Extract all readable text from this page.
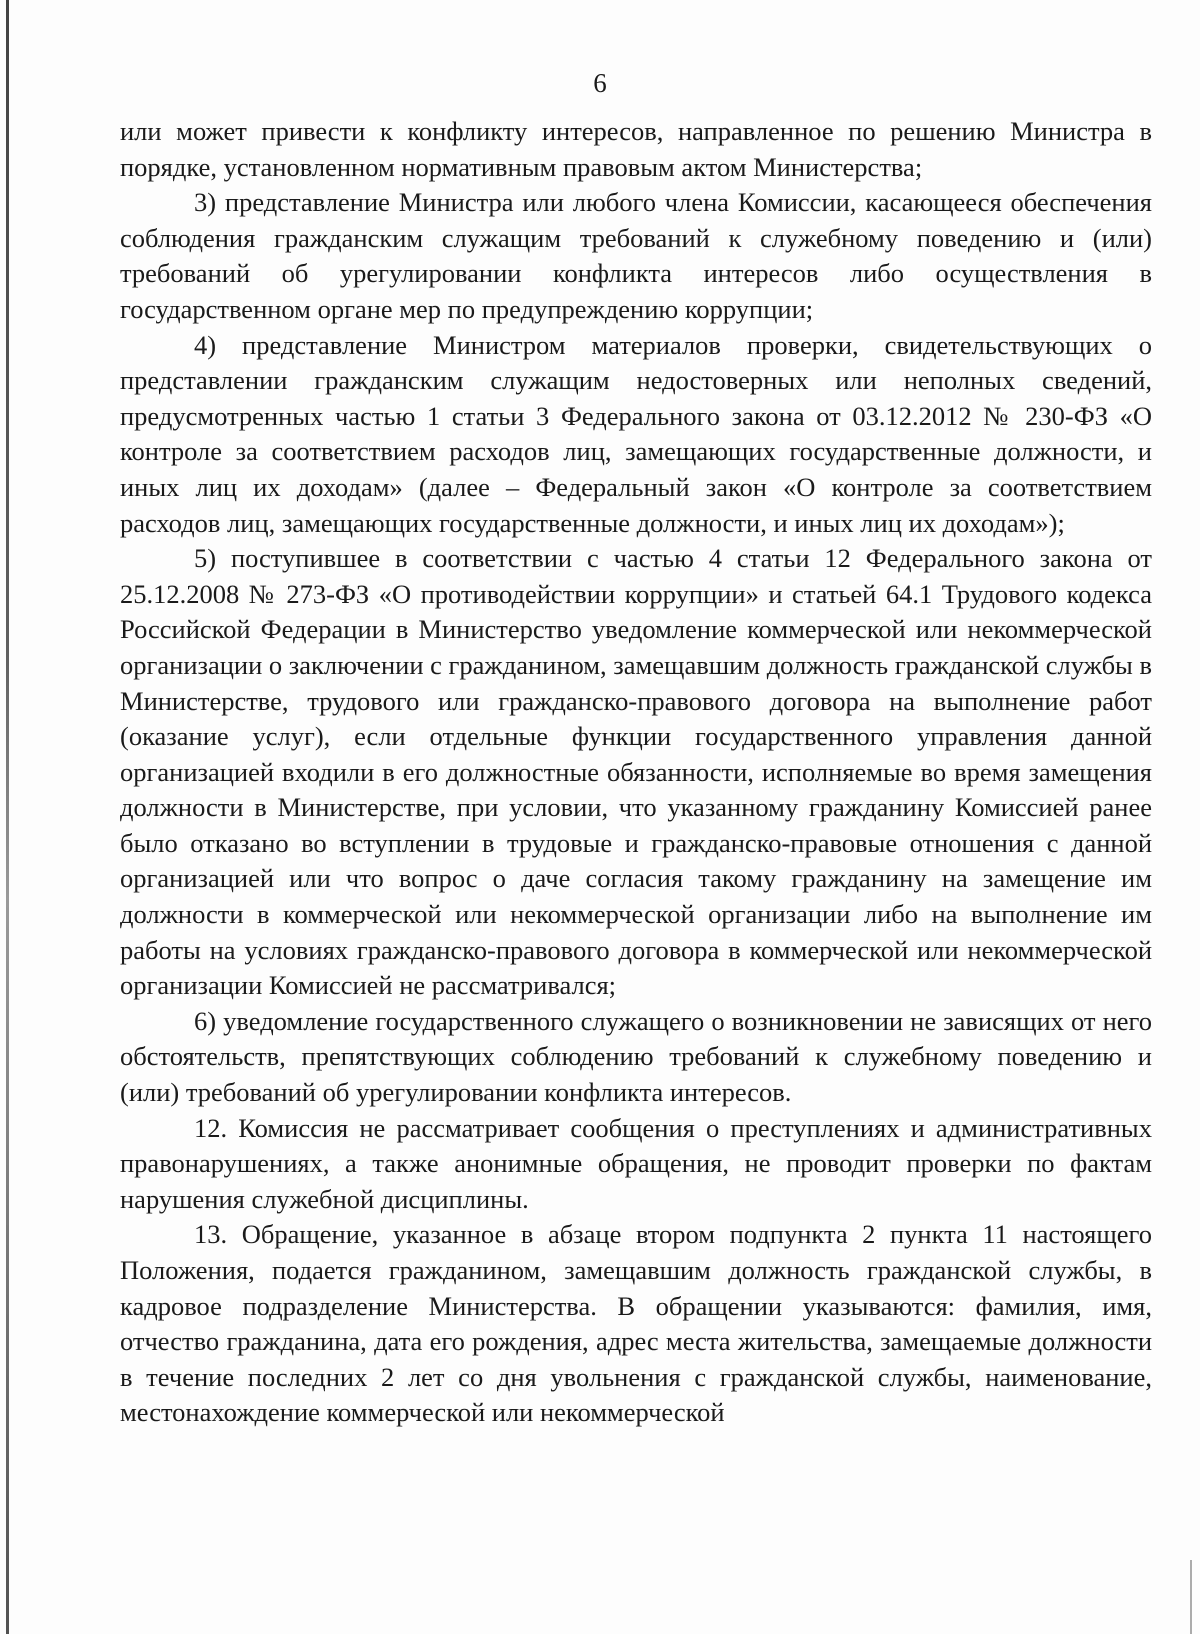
6

или может привести к конфликту интересов, направленное по решению Министра в порядке, установленном нормативным правовым актом Министерства;

3) представление Министра или любого члена Комиссии, касающееся обеспечения соблюдения гражданским служащим требований к служебному поведению и (или) требований об урегулировании конфликта интересов либо осуществления в государственном органе мер по предупреждению коррупции;

4) представление Министром материалов проверки, свидетельствующих о представлении гражданским служащим недостоверных или неполных сведений, предусмотренных частью 1 статьи 3 Федерального закона от 03.12.2012 № 230-ФЗ «О контроле за соответствием расходов лиц, замещающих государственные должности, и иных лиц их доходам» (далее – Федеральный закон «О контроле за соответствием расходов лиц, замещающих государственные должности, и иных лиц их доходам»);

5) поступившее в соответствии с частью 4 статьи 12 Федерального закона от 25.12.2008 № 273-ФЗ «О противодействии коррупции» и статьей 64.1 Трудового кодекса Российской Федерации в Министерство уведомление коммерческой или некоммерческой организации о заключении с гражданином, замещавшим должность гражданской службы в Министерстве, трудового или гражданско-правового договора на выполнение работ (оказание услуг), если отдельные функции государственного управления данной организацией входили в его должностные обязанности, исполняемые во время замещения должности в Министерстве, при условии, что указанному гражданину Комиссией ранее было отказано во вступлении в трудовые и гражданско-правовые отношения с данной организацией или что вопрос о даче согласия такому гражданину на замещение им должности в коммерческой или некоммерческой организации либо на выполнение им работы на условиях гражданско-правового договора в коммерческой или некоммерческой организации Комиссией не рассматривался;

6) уведомление государственного служащего о возникновении не зависящих от него обстоятельств, препятствующих соблюдению требований к служебному поведению и (или) требований об урегулировании конфликта интересов.

12. Комиссия не рассматривает сообщения о преступлениях и административных правонарушениях, а также анонимные обращения, не проводит проверки по фактам нарушения служебной дисциплины.

13. Обращение, указанное в абзаце втором подпункта 2 пункта 11 настоящего Положения, подается гражданином, замещавшим должность гражданской службы, в кадровое подразделение Министерства. В обращении указываются: фамилия, имя, отчество гражданина, дата его рождения, адрес места жительства, замещаемые должности в течение последних 2 лет со дня увольнения с гражданской службы, наименование, местонахождение коммерческой или некоммерческой
